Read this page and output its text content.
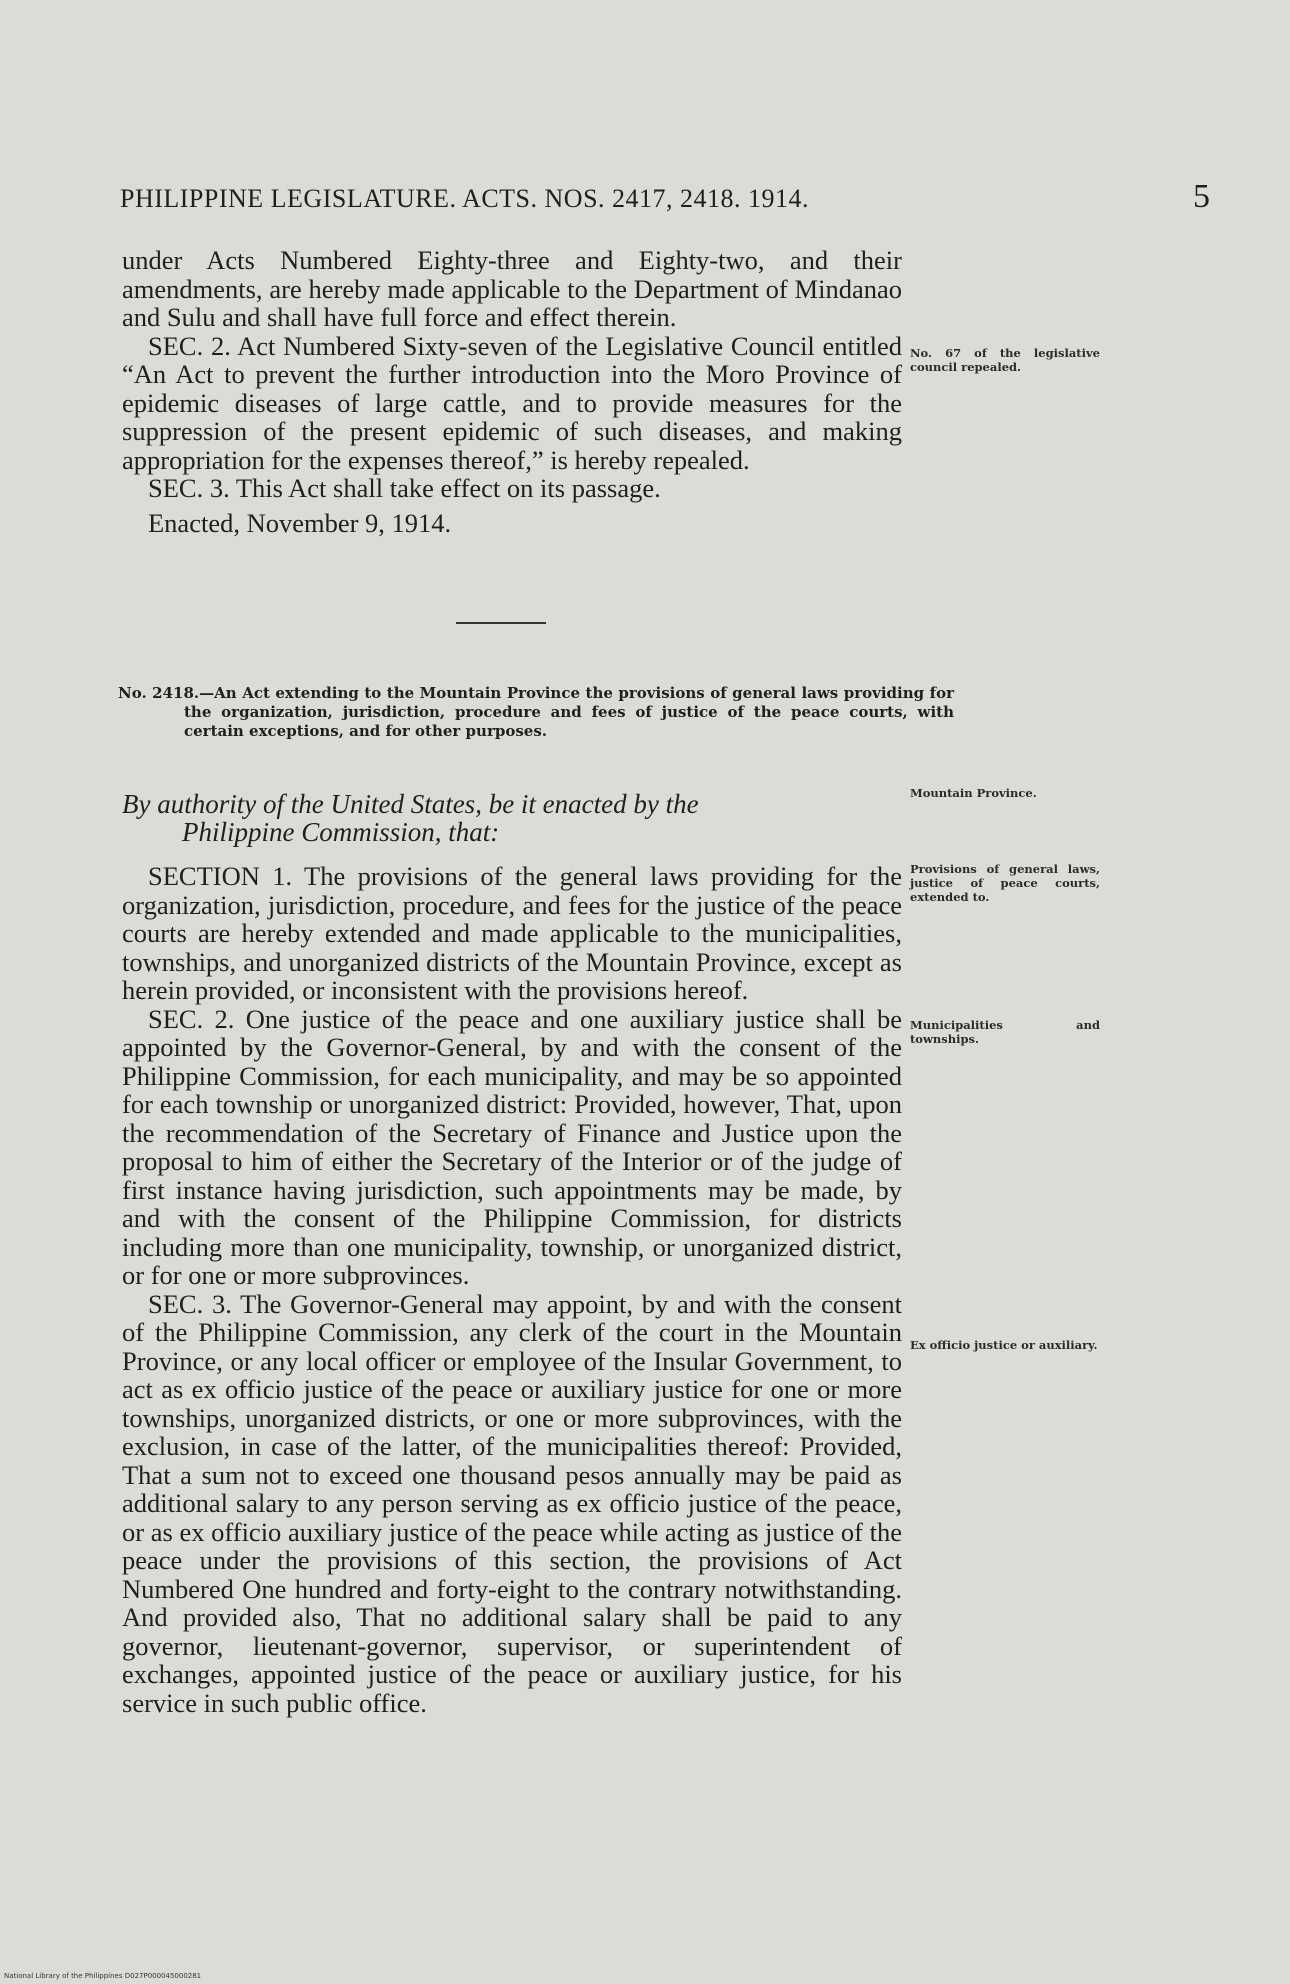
PHILIPPINE LEGISLATURE. ACTS. NOS. 2417, 2418. 1914.	5

under Acts Numbered Eighty-three and Eighty-two, and their amendments, are hereby made applicable to the Department of Mindanao and Sulu and shall have full force and effect therein.

SEC. 2. Act Numbered Sixty-seven of the Legislative Council entitled “An Act to prevent the further introduction into the Moro Province of epidemic diseases of large cattle, and to provide measures for the suppression of the present epidemic of such diseases, and making appropriation for the expenses thereof,” is hereby repealed.

SEC. 3. This Act shall take effect on its passage.

Enacted, November 9, 1914.

No. 2418.—An Act extending to the Mountain Province the provisions of general laws providing for the organization, jurisdiction, procedure and fees of justice of the peace courts, with certain exceptions, and for other purposes.
By authority of the United States, be it enacted by the
Philippine Commission, that:

SECTION 1. The provisions of the general laws providing for the organization, jurisdiction, procedure, and fees for the justice of the peace courts are hereby extended and made applicable to the municipalities, townships, and unorganized districts of the Mountain Province, except as herein provided, or inconsistent with the provisions hereof.

SEC. 2. One justice of the peace and one auxiliary justice shall be appointed by the Governor-General, by and with the consent of the Philippine Commission, for each municipality, and may be so appointed for each township or unorganized district: Provided, however, That, upon the recommendation of the Secretary of Finance and Justice upon the proposal to him of either the Secretary of the Interior or of the judge of first instance having jurisdiction, such appointments may be made, by and with the consent of the Philippine Commission, for districts including more than one municipality, township, or unorganized district, or for one or more subprovinces.

SEC. 3. The Governor-General may appoint, by and with the consent of the Philippine Commission, any clerk of the court in the Mountain Province, or any local officer or employee of the Insular Government, to act as ex officio justice of the peace or auxiliary justice for one or more townships, unorganized districts, or one or more subprovinces, with the exclusion, in case of the latter, of the municipalities thereof: Provided, That a sum not to exceed one thousand pesos annually may be paid as additional salary to any person serving as ex officio justice of the peace, or as ex officio auxiliary justice of the peace while acting as justice of the peace under the provisions of this section, the provisions of Act Numbered One hundred and forty-eight to the contrary notwithstanding. And provided also, That no additional salary shall be paid to any governor, lieutenant-governor, supervisor, or superintendent of exchanges, appointed justice of the peace or auxiliary justice, for his service in such public office.

No. 67 of the legislative council repealed.
Mountain Province.
Provisions of general laws, justice of peace courts, extended to.
Municipalities and townships.
Ex officio justice or auxiliary.
National Library of the Philippines D027P000045000281
